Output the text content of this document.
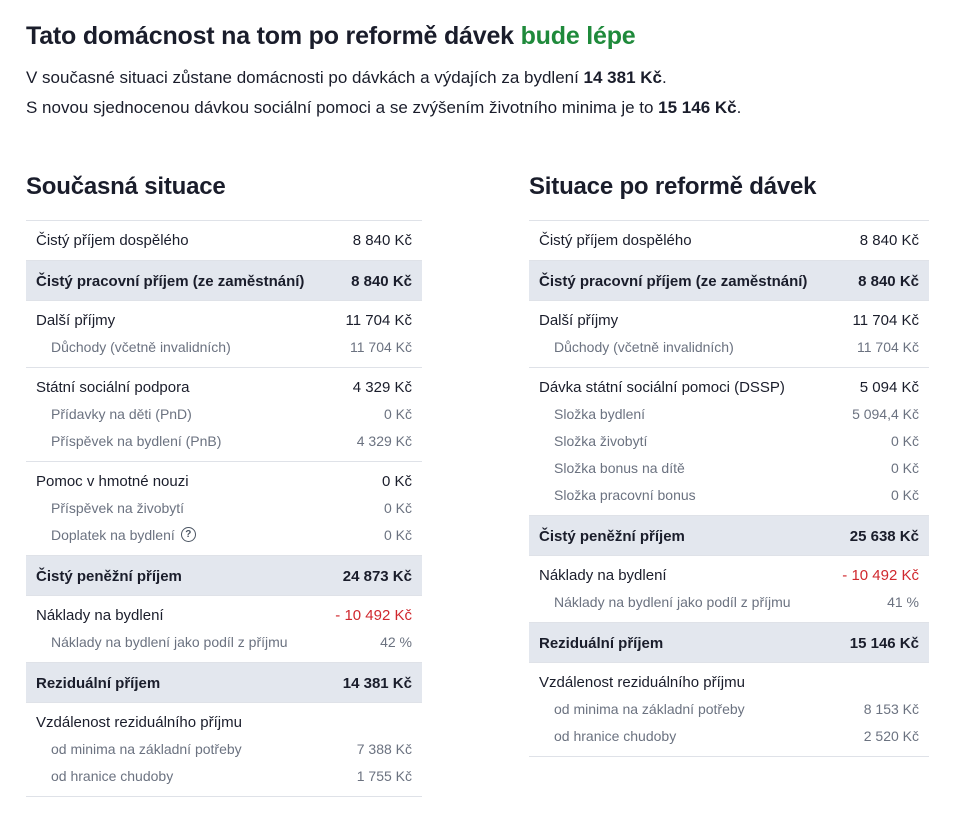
Tato domácnost na tom po reformě dávek bude lépe
V současné situaci zůstane domácnosti po dávkách a výdajích za bydlení 14 381 Kč.
S novou sjednocenou dávkou sociální pomoci a se zvýšením životního minima je to 15 146 Kč.
Současná situace
Čistý příjem dospělého	8 840 Kč
Čistý pracovní příjem (ze zaměstnání)	8 840 Kč
Další příjmy	11 704 Kč
Důchody (včetně invalidních)	11 704 Kč
Státní sociální podpora	4 329 Kč
Přídavky na děti (PnD)	0 Kč
Příspěvek na bydlení (PnB)	4 329 Kč
Pomoc v hmotné nouzi	0 Kč
Příspěvek na živobytí	0 Kč
Doplatek na bydlení	?	0 Kč
Čistý peněžní příjem	24 873 Kč
Náklady na bydlení	- 10 492 Kč
Náklady na bydlení jako podíl z příjmu	42 %
Reziduální příjem	14 381 Kč
Vzdálenost reziduálního příjmu
od minima na základní potřeby	7 388 Kč
od hranice chudoby	1 755 Kč
Situace po reformě dávek
Čistý příjem dospělého	8 840 Kč
Čistý pracovní příjem (ze zaměstnání)	8 840 Kč
Další příjmy	11 704 Kč
Důchody (včetně invalidních)	11 704 Kč
Dávka státní sociální pomoci (DSSP)	5 094 Kč
Složka bydlení	5 094,4 Kč
Složka živobytí	0 Kč
Složka bonus na dítě	0 Kč
Složka pracovní bonus	0 Kč
Čistý peněžní příjem	25 638 Kč
Náklady na bydlení	- 10 492 Kč
Náklady na bydlení jako podíl z příjmu	41 %
Reziduální příjem	15 146 Kč
Vzdálenost reziduálního příjmu
od minima na základní potřeby	8 153 Kč
od hranice chudoby	2 520 Kč
